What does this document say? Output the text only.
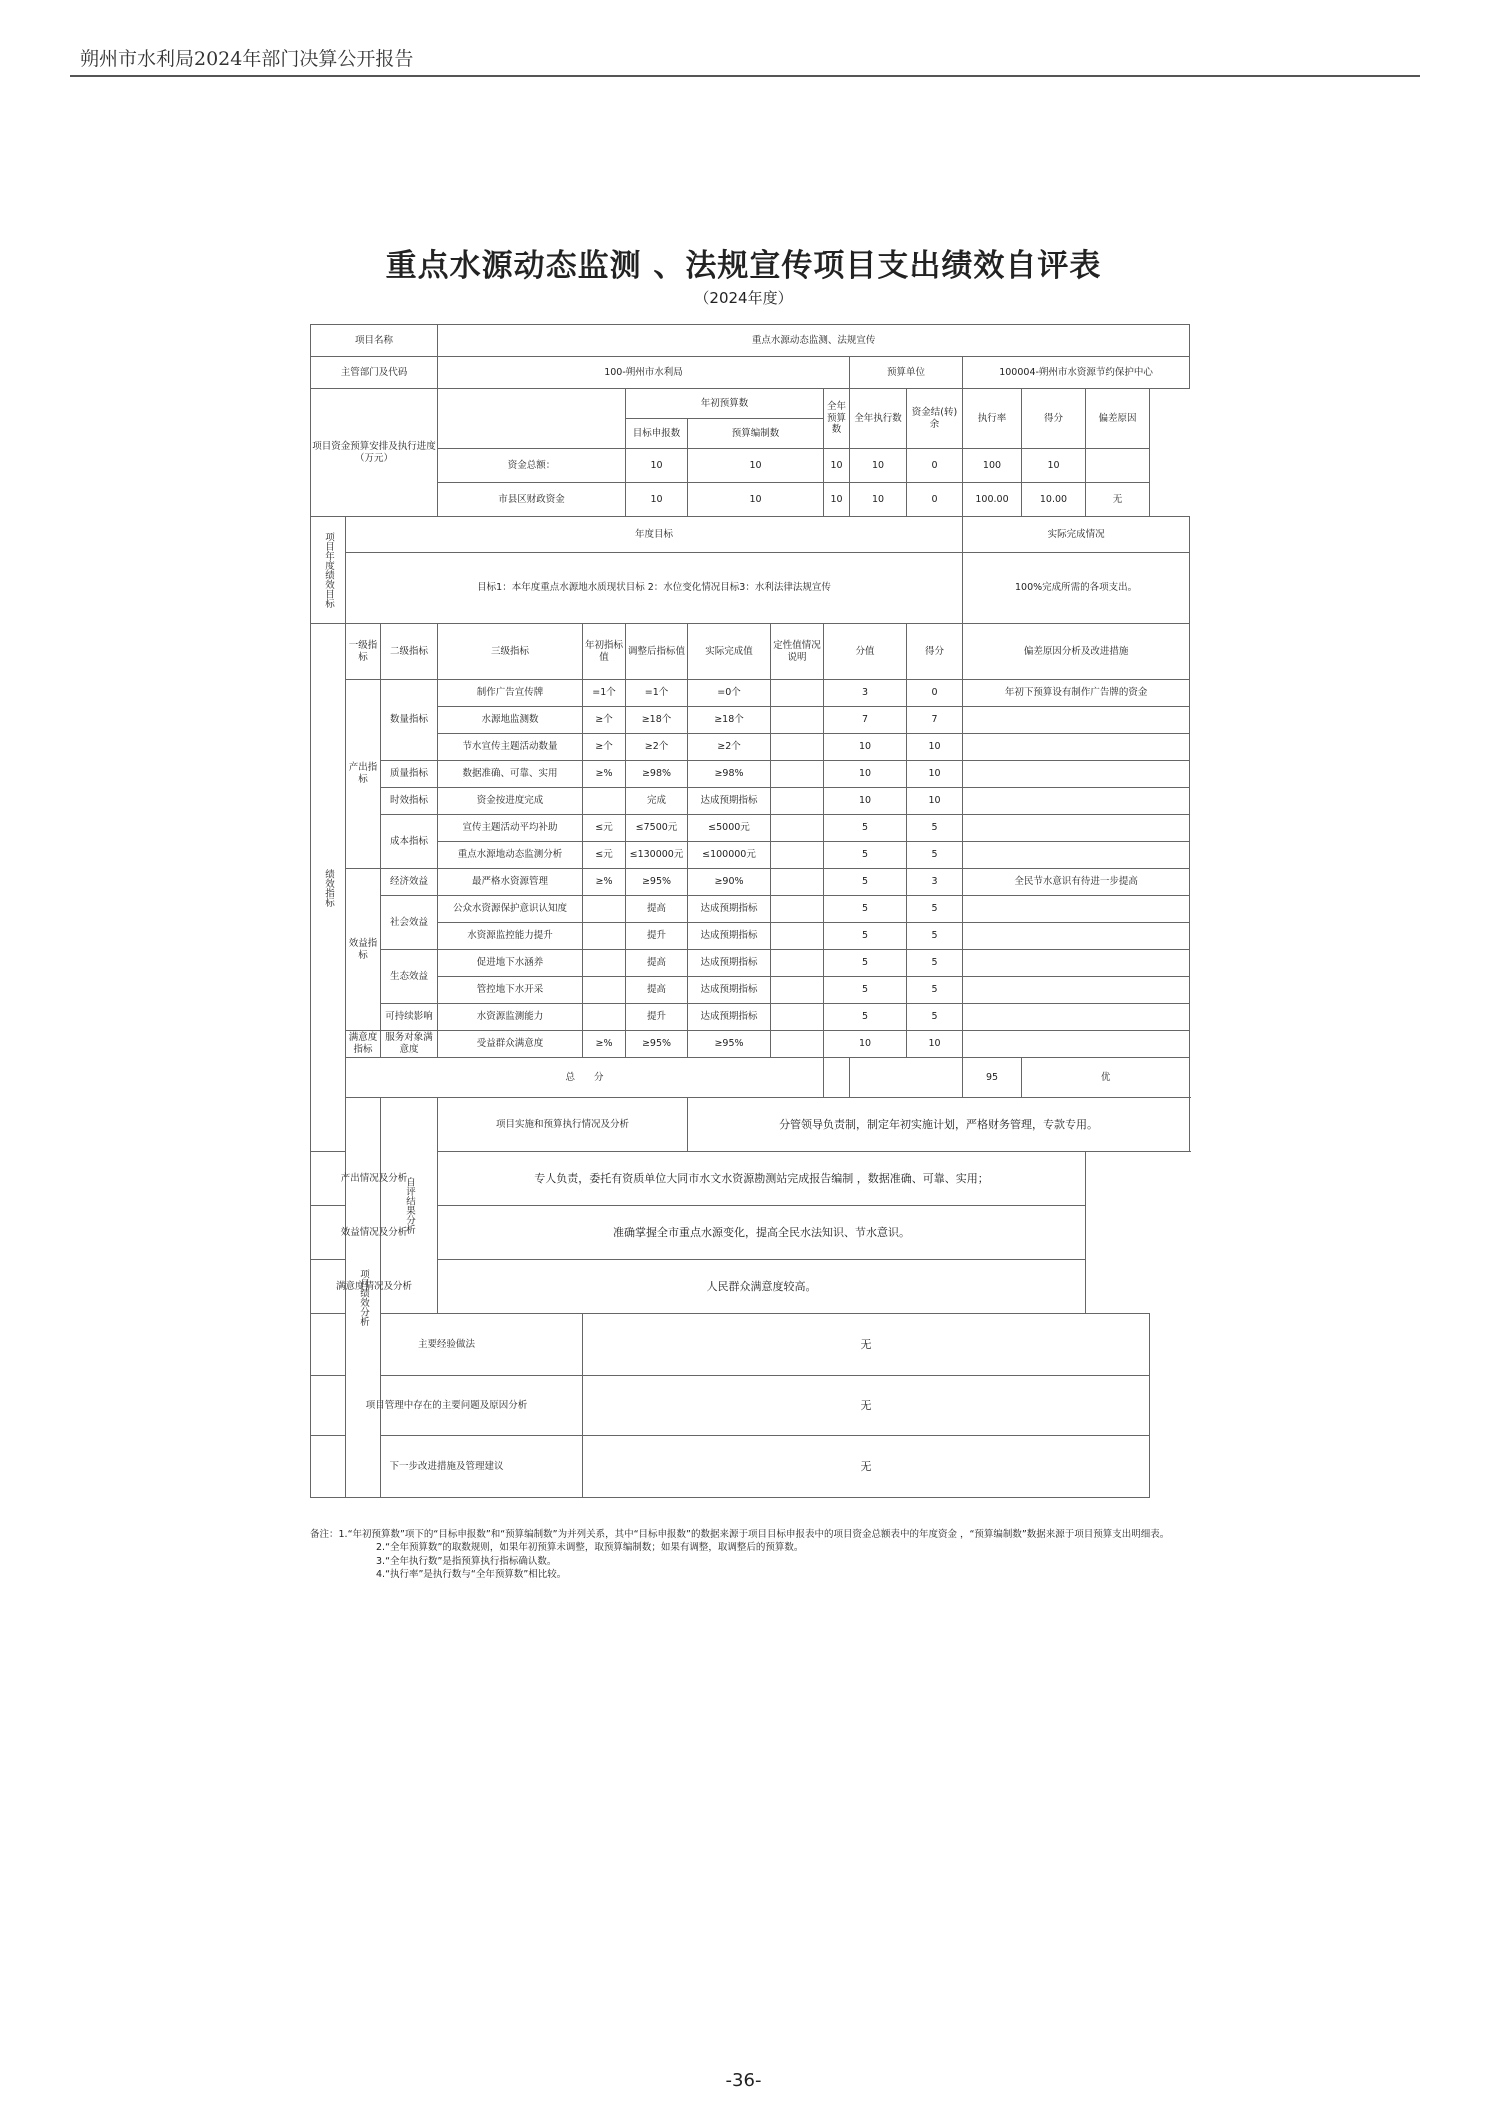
朔州市水利局2024年部门决算公开报告
重点水源动态监测 、法规宣传项目支出绩效自评表
（2024年度）
项目名称			重点水源动态监测、法规宣传										
主管部门及代码			100-朔州市水利局						预算单位		100004-朔州市水资源节约保护中心		
项目资金预算安排及执行进度（万元）					年初预算数			全年预算数	全年执行数	资金结(转)余	执行率	得分	偏差原因
					目标申报数	预算编制数							
			资金总额：		10	10		10	10	0	100	10	
			市县区财政资金		10	10		10	10	0	100.00	10.00	无
项目年度绩效目标	年度目标										实际完成情况		
	目标1：本年度重点水源地水质现状目标 2：水位变化情况目标3：水利法律法规宣传										100%完成所需的各项支出。		
绩效指标	一级指标	二级指标	三级指标	年初指标值	调整后指标值	实际完成值	定性值情况说明	分值		得分	偏差原因分析及改进措施		
	产出指标	数量指标	制作广告宣传牌	=1个	=1个	=0个		3		0	年初下预算设有制作广告牌的资金		
			水源地监测数	≥个	≥18个	≥18个		7		7			
			节水宣传主题活动数量	≥个	≥2个	≥2个		10		10			
		质量指标	数据准确、可靠、实用	≥%	≥98%	≥98%		10		10			
		时效指标	资金按进度完成		完成	达成预期指标		10		10			
		成本指标	宣传主题活动平均补助	≤元	≤7500元	≤5000元		5		5			
			重点水源地动态监测分析	≤元	≤130000元	≤100000元		5		5			
	效益指标	经济效益	最严格水资源管理	≥%	≥95%	≥90%		5		3	全民节水意识有待进一步提高		
		社会效益	公众水资源保护意识认知度		提高	达成预期指标		5		5			
			水资源监控能力提升		提升	达成预期指标		5		5			
		生态效益	促进地下水涵养		提高	达成预期指标		5		5			
			管控地下水开采		提高	达成预期指标		5		5			
		可持续影响	水资源监测能力		提升	达成预期指标		5		5			
	满意度指标	服务对象满意度	受益群众满意度	≥%	≥95%	≥95%		10		10			
	总　　分										95	优	
	项目绩效分析	自评结果分析	项目实施和预算执行情况及分析			分管领导负责制，制定年初实施计划，严格财务管理，专款专用。							
产出情况及分析			专人负责，委托有资质单位大同市水文水资源勘测站完成报告编制 ，数据准确、可靠、实用；										
效益情况及分析			准确掌握全市重点水源变化，提高全民水法知识、节水意识。										
满意度情况及分析			人民群众满意度较高。										
主要经验做法				无									
项目管理中存在的主要问题及原因分析				无									
下一步改进措施及管理建议				无									
备注：1.“年初预算数”项下的“目标申报数”和“预算编制数”为并列关系，其中“目标申报数”的数据来源于项目目标申报表中的项目资金总额表中的年度资金 ，“预算编制数”数据来源于项目预算支出明细表。
2.“全年预算数”的取数规则，如果年初预算未调整，取预算编制数；如果有调整，取调整后的预算数。
3.“全年执行数”是指预算执行指标确认数。
4.“执行率”是执行数与“全年预算数”相比较。
-36-
